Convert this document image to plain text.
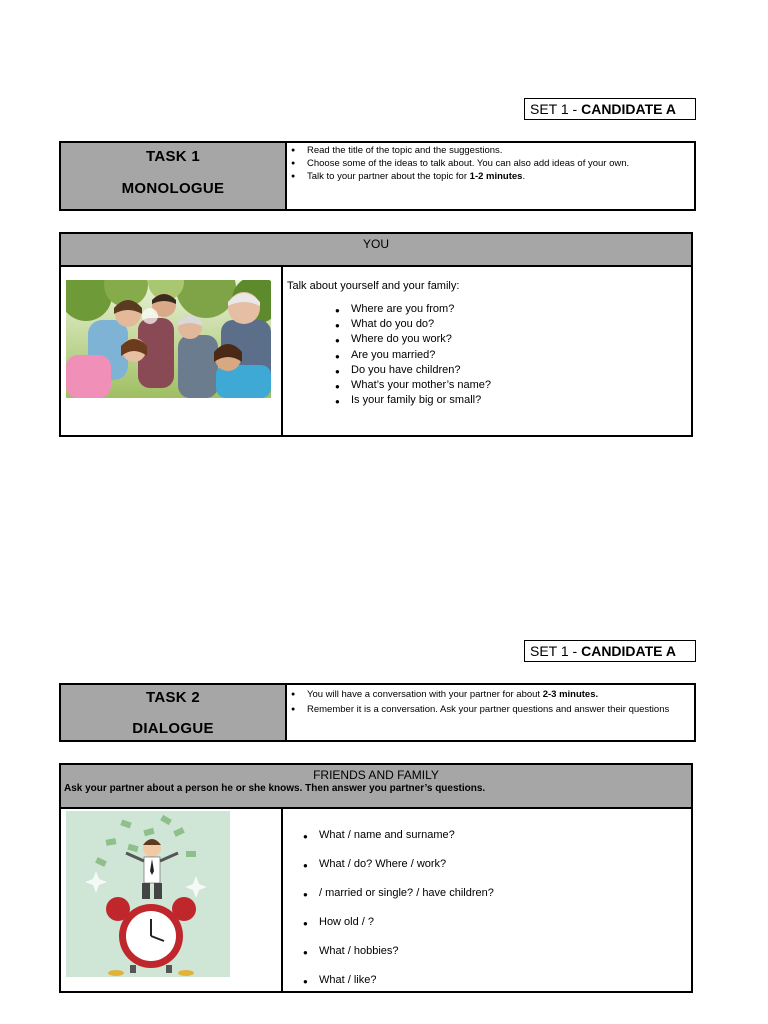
SET 1 - CANDIDATE A
TASK 1
MONOLOGUE
● Read the title of the topic and the suggestions.
● Choose some of the ideas to talk about. You can also add ideas of your own.
● Talk to your partner about the topic for 1-2 minutes.
YOU
Talk about yourself and your family:
● Where are you from?
● What do you do?
● Where do you work?
● Are you married?
● Do you have children?
● What’s your mother’s name?
● Is your family big or small?
SET 1 - CANDIDATE A
TASK 2
DIALOGUE
● You will have a conversation with your partner for about 2-3 minutes.
● Remember it is a conversation. Ask your partner questions and answer their questions
FRIENDS AND FAMILY
Ask your partner about a person he or she knows. Then answer you partner’s questions.
● What / name and surname?
● What / do? Where / work?
● / married or single? / have children?
● How old / ?
● What / hobbies?
● What / like?
